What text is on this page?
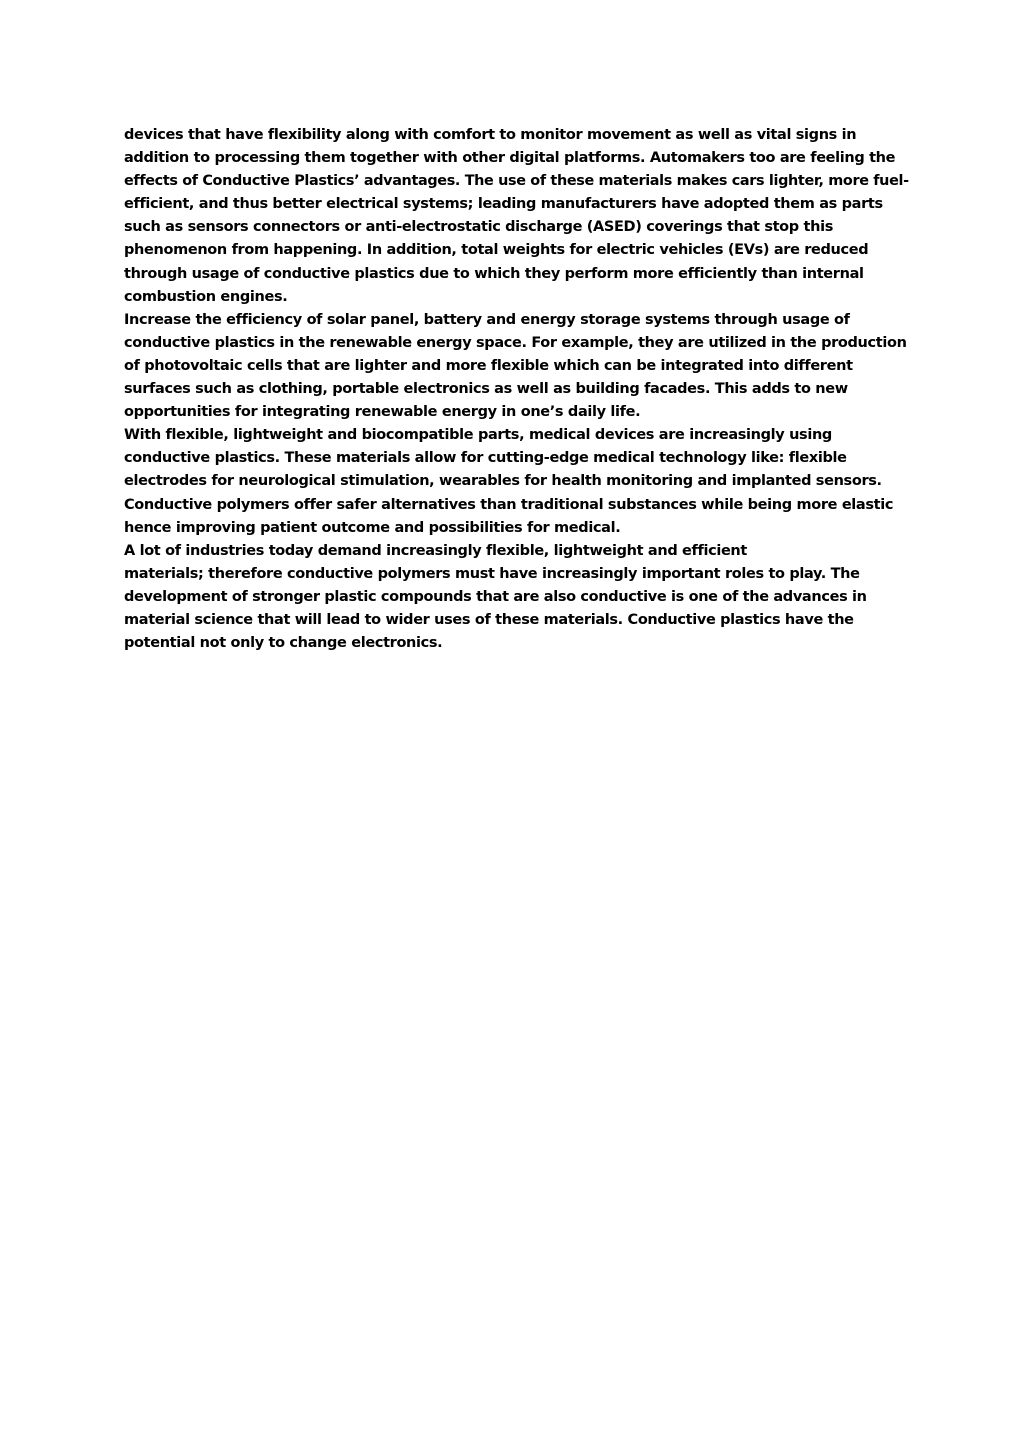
devices that have flexibility along with comfort to monitor movement as well as vital signs in
addition to processing them together with other digital platforms. Automakers too are feeling the
effects of Conductive Plastics’ advantages. The use of these materials makes cars lighter, more fuel-
efficient, and thus better electrical systems; leading manufacturers have adopted them as parts
such as sensors connectors or anti-electrostatic discharge (ASED) coverings that stop this
phenomenon from happening. In addition, total weights for electric vehicles (EVs) are reduced
through usage of conductive plastics due to which they perform more efficiently than internal
combustion engines.
Increase the efficiency of solar panel, battery and energy storage systems through usage of
conductive plastics in the renewable energy space. For example, they are utilized in the production
of photovoltaic cells that are lighter and more flexible which can be integrated into different
surfaces such as clothing, portable electronics as well as building facades. This adds to new
opportunities for integrating renewable energy in one’s daily life.
With flexible, lightweight and biocompatible parts, medical devices are increasingly using
conductive plastics. These materials allow for cutting-edge medical technology like: flexible
electrodes for neurological stimulation, wearables for health monitoring and implanted sensors.
Conductive polymers offer safer alternatives than traditional substances while being more elastic
hence improving patient outcome and possibilities for medical.
A lot of industries today demand increasingly flexible, lightweight and efficient
materials; therefore conductive polymers must have increasingly important roles to play. The
development of stronger plastic compounds that are also conductive is one of the advances in
material science that will lead to wider uses of these materials. Conductive plastics have the
potential not only to change electronics.
